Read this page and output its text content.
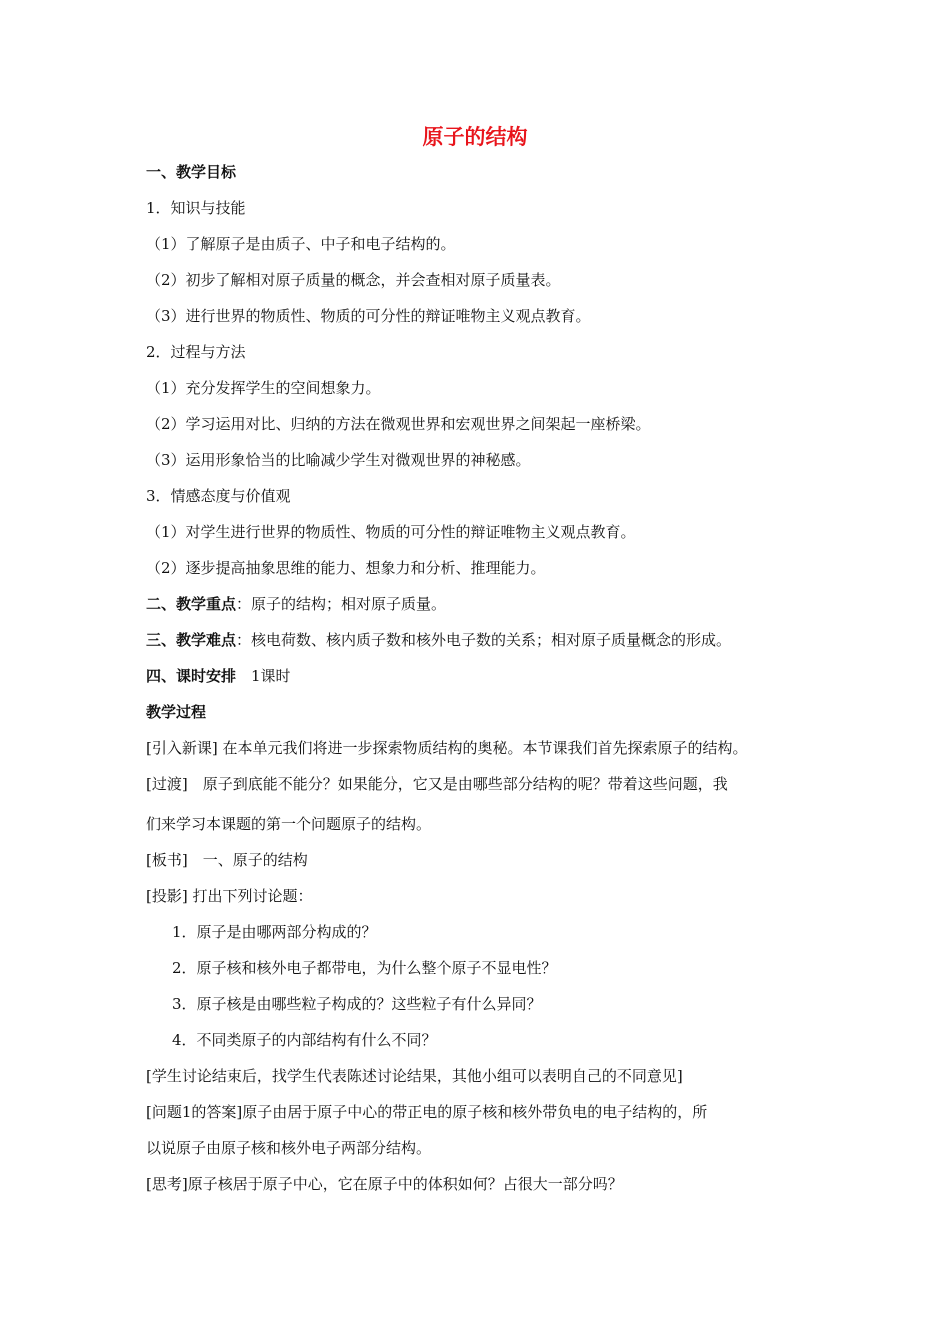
原子的结构
一、教学目标
1．知识与技能
（1）了解原子是由质子、中子和电子结构的。
（2）初步了解相对原子质量的概念，并会查相对原子质量表。
（3）进行世界的物质性、物质的可分性的辩证唯物主义观点教育。
2．过程与方法
（1）充分发挥学生的空间想象力。
（2）学习运用对比、归纳的方法在微观世界和宏观世界之间架起一座桥梁。
（3）运用形象恰当的比喻减少学生对微观世界的神秘感。
3．情感态度与价值观
（1）对学生进行世界的物质性、物质的可分性的辩证唯物主义观点教育。
（2）逐步提高抽象思维的能力、想象力和分析、推理能力。
二、教学重点：原子的结构；相对原子质量。
三、教学难点：核电荷数、核内质子数和核外电子数的关系；相对原子质量概念的形成。
四、课时安排　1课时
教学过程
[引入新课] 在本单元我们将进一步探索物质结构的奥秘。本节课我们首先探索原子的结构。
[过渡]　原子到底能不能分？如果能分，它又是由哪些部分结构的呢？带着这些问题，我
们来学习本课题的第一个问题原子的结构。
[板书]　一、原子的结构
[投影] 打出下列讨论题：
1．原子是由哪两部分构成的？
2．原子核和核外电子都带电，为什么整个原子不显电性？
3．原子核是由哪些粒子构成的？这些粒子有什么异同？
4．不同类原子的内部结构有什么不同？
[学生讨论结束后，找学生代表陈述讨论结果，其他小组可以表明自己的不同意见]
[问题1的答案]原子由居于原子中心的带正电的原子核和核外带负电的电子结构的，所
以说原子由原子核和核外电子两部分结构。
[思考]原子核居于原子中心，它在原子中的体积如何？占很大一部分吗？
